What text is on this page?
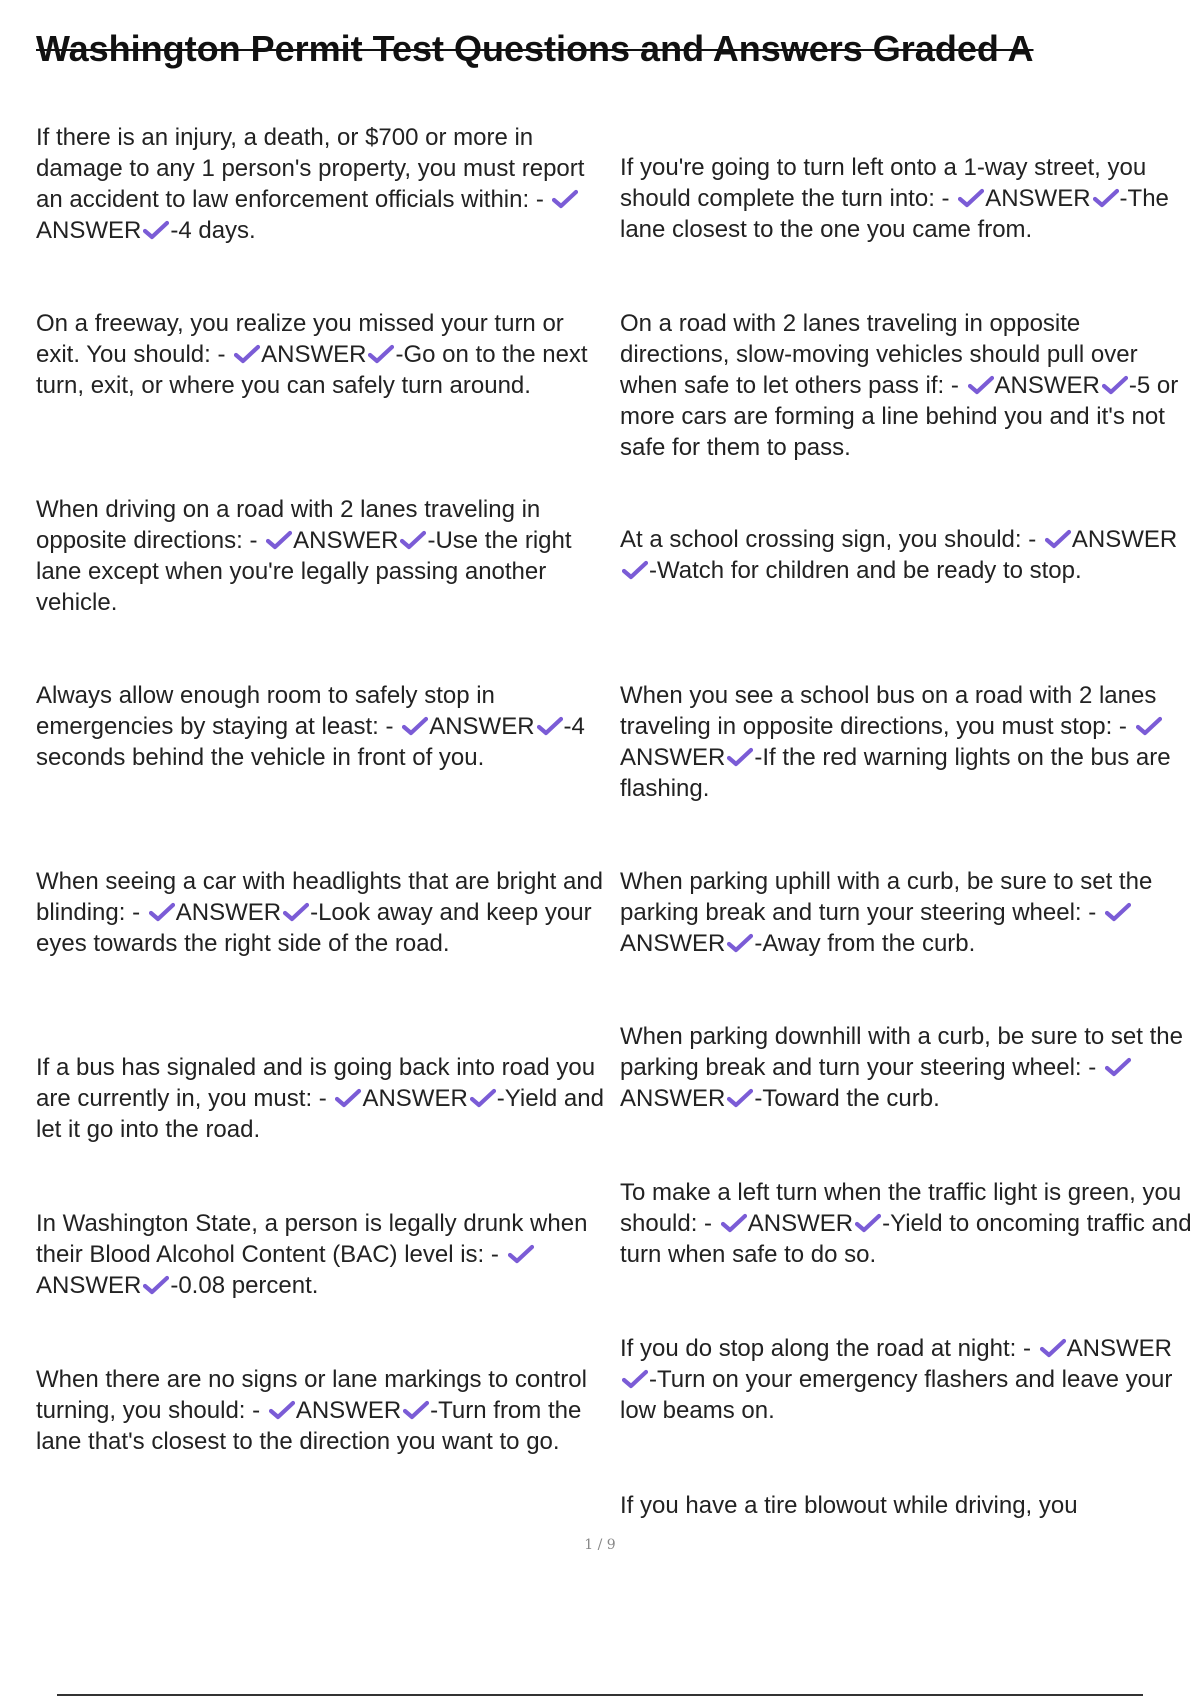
Washington Permit Test Questions and Answers Graded A

If there is an injury, a death, or $700 or more in damage to any 1 person's property, you must report an accident to law enforcement officials within: -
ANSWER -4 days.

On a freeway, you realize you missed your turn or exit. You should: - ANSWER -Go on to the next turn, exit, or where you can safely turn around.

When driving on a road with 2 lanes traveling in opposite directions: - ANSWER -Use the right lane except when you're legally passing another vehicle.

Always allow enough room to safely stop in emergencies by staying at least: - ANSWER -4 seconds behind the vehicle in front of you.

When seeing a car with headlights that are bright and blinding: - ANSWER -Look away and keep your eyes towards the right side of the road.

If a bus has signaled and is going back into road you are currently in, you must: - ANSWER -Yield and let it go into the road.

In Washington State, a person is legally drunk when their Blood Alcohol Content (BAC) level is: -
ANSWER -0.08 percent.

When there are no signs or lane markings to control turning, you should: - ANSWER -Turn from the lane that's closest to the direction you want to go.

If you're going to turn left onto a 1-way street, you should complete the turn into: - ANSWER -The lane closest to the one you came from.

On a road with 2 lanes traveling in opposite directions, slow-moving vehicles should pull over when safe to let others pass if: - ANSWER -5 or more cars are forming a line behind you and it's not safe for them to pass.

At a school crossing sign, you should: - ANSWER
-Watch for children and be ready to stop.

When you see a school bus on a road with 2 lanes traveling in opposite directions, you must stop: -
ANSWER -If the red warning lights on the bus are flashing.

When parking uphill with a curb, be sure to set the parking break and turn your steering wheel: -
ANSWER -Away from the curb.

When parking downhill with a curb, be sure to set the parking break and turn your steering wheel: -
ANSWER -Toward the curb.

To make a left turn when the traffic light is green, you should: - ANSWER -Yield to oncoming traffic and turn when safe to do so.

If you do stop along the road at night: - ANSWER
-Turn on your emergency flashers and leave your low beams on.

If you have a tire blowout while driving, you

1 / 9
